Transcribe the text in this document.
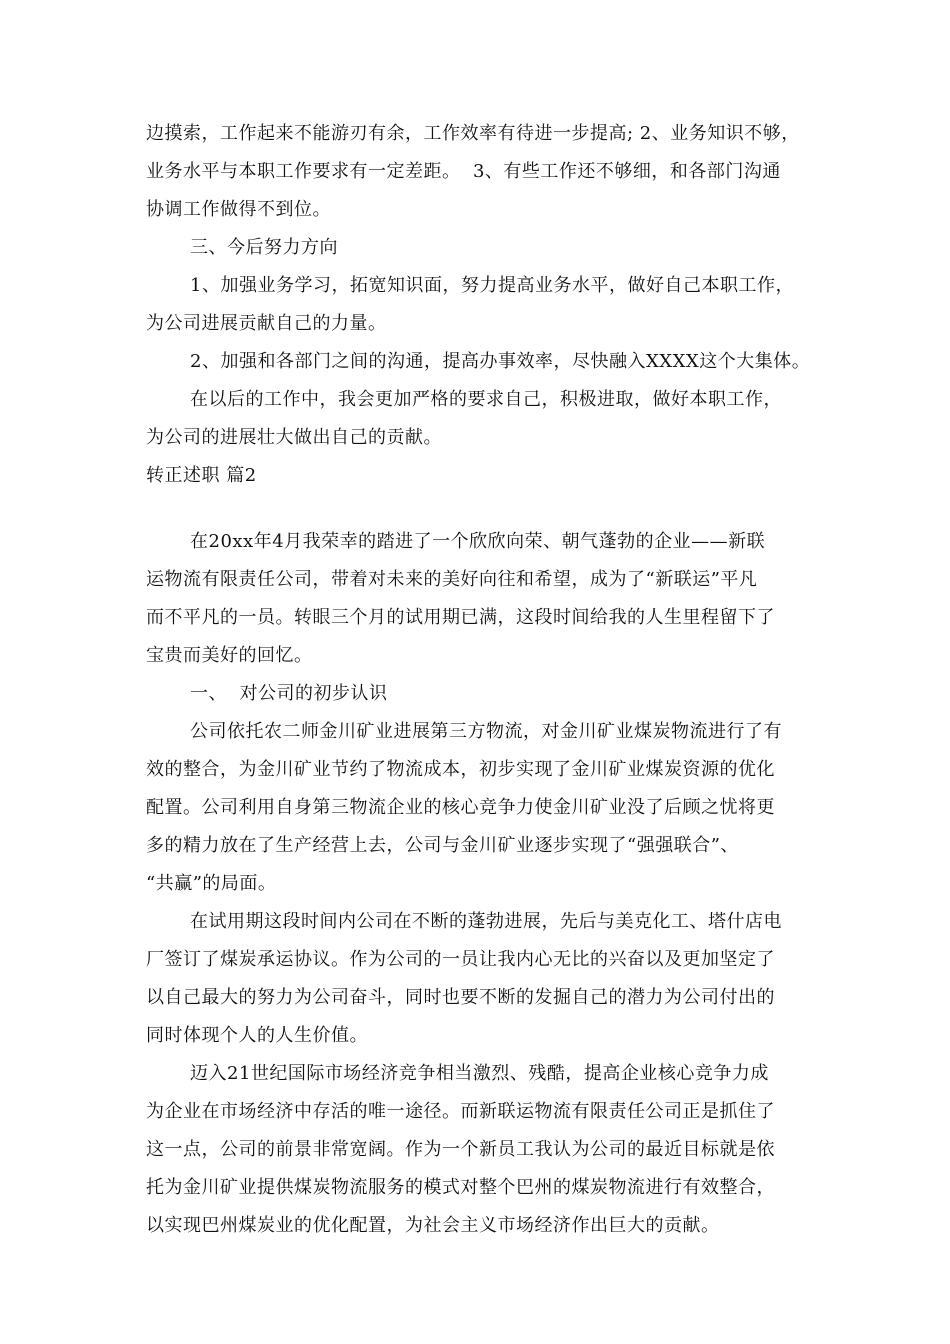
边摸索，工作起来不能游刃有余，工作效率有待进一步提高; 2、业务知识不够，
业务水平与本职工作要求有一定差距。  3、有些工作还不够细，和各部门沟通
协调工作做得不到位。
三、今后努力方向
1、加强业务学习，拓宽知识面，努力提高业务水平，做好自己本职工作，
为公司进展贡献自己的力量。
2、加强和各部门之间的沟通，提高办事效率，尽快融入XXXX这个大集体。
在以后的工作中，我会更加严格的要求自己，积极进取，做好本职工作，
为公司的进展壮大做出自己的贡献。
转正述职 篇2
在20xx年4月我荣幸的踏进了一个欣欣向荣、朝气蓬勃的企业——新联
运物流有限责任公司，带着对未来的美好向往和希望，成为了“新联运”平凡
而不平凡的一员。转眼三个月的试用期已满，这段时间给我的人生里程留下了
宝贵而美好的回忆。
一、  对公司的初步认识
公司依托农二师金川矿业进展第三方物流，对金川矿业煤炭物流进行了有
效的整合，为金川矿业节约了物流成本，初步实现了金川矿业煤炭资源的优化
配置。公司利用自身第三物流企业的核心竞争力使金川矿业没了后顾之忧将更
多的精力放在了生产经营上去，公司与金川矿业逐步实现了“强强联合”、
“共赢”的局面。
在试用期这段时间内公司在不断的蓬勃进展，先后与美克化工、塔什店电
厂签订了煤炭承运协议。作为公司的一员让我内心无比的兴奋以及更加坚定了
以自己最大的努力为公司奋斗，同时也要不断的发掘自己的潜力为公司付出的
同时体现个人的人生价值。
迈入21世纪国际市场经济竞争相当激烈、残酷，提高企业核心竞争力成
为企业在市场经济中存活的唯一途径。而新联运物流有限责任公司正是抓住了
这一点，公司的前景非常宽阔。作为一个新员工我认为公司的最近目标就是依
托为金川矿业提供煤炭物流服务的模式对整个巴州的煤炭物流进行有效整合，
以实现巴州煤炭业的优化配置，为社会主义市场经济作出巨大的贡献。
